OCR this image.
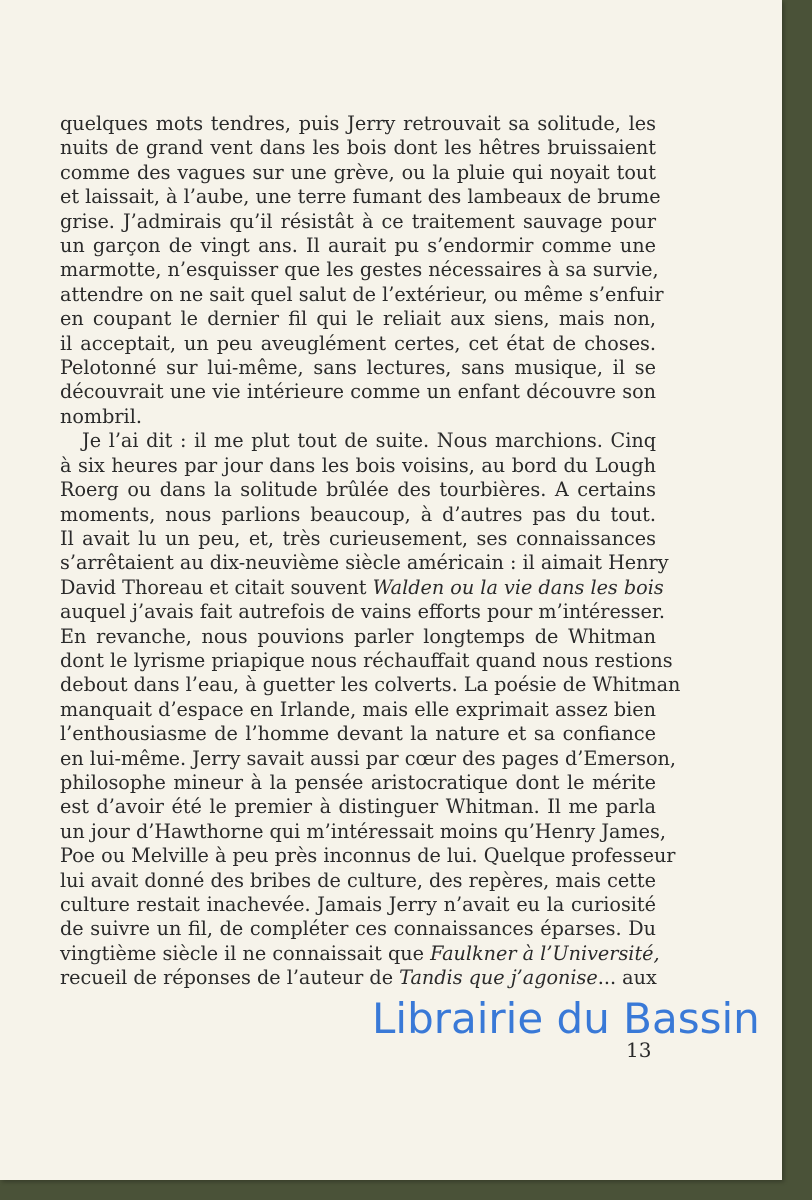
quelques mots tendres, puis Jerry retrouvait sa solitude, les
nuits de grand vent dans les bois dont les hêtres bruissaient
comme des vagues sur une grève, ou la pluie qui noyait tout
et laissait, à l’aube, une terre fumant des lambeaux de brume
grise. J’admirais qu’il résistât à ce traitement sauvage pour
un garçon de vingt ans. Il aurait pu s’endormir comme une
marmotte, n’esquisser que les gestes nécessaires à sa survie,
attendre on ne sait quel salut de l’extérieur, ou même s’enfuir
en coupant le dernier fil qui le reliait aux siens, mais non,
il acceptait, un peu aveuglément certes, cet état de choses.
Pelotonné sur lui-même, sans lectures, sans musique, il se
découvrait une vie intérieure comme un enfant découvre son
nombril.
Je l’ai dit : il me plut tout de suite. Nous marchions. Cinq
à six heures par jour dans les bois voisins, au bord du Lough
Roerg ou dans la solitude brûlée des tourbières. A certains
moments, nous parlions beaucoup, à d’autres pas du tout.
Il avait lu un peu, et, très curieusement, ses connaissances
s’arrêtaient au dix-neuvième siècle américain : il aimait Henry
David Thoreau et citait souvent Walden ou la vie dans les bois
auquel j’avais fait autrefois de vains efforts pour m’intéresser.
En revanche, nous pouvions parler longtemps de Whitman
dont le lyrisme priapique nous réchauffait quand nous restions
debout dans l’eau, à guetter les colverts. La poésie de Whitman
manquait d’espace en Irlande, mais elle exprimait assez bien
l’enthousiasme de l’homme devant la nature et sa confiance
en lui-même. Jerry savait aussi par cœur des pages d’Emerson,
philosophe mineur à la pensée aristocratique dont le mérite
est d’avoir été le premier à distinguer Whitman. Il me parla
un jour d’Hawthorne qui m’intéressait moins qu’Henry James,
Poe ou Melville à peu près inconnus de lui. Quelque professeur
lui avait donné des bribes de culture, des repères, mais cette
culture restait inachevée. Jamais Jerry n’avait eu la curiosité
de suivre un fil, de compléter ces connaissances éparses. Du
vingtième siècle il ne connaissait que Faulkner à l’Université,
recueil de réponses de l’auteur de Tandis que j’agonise... aux
13
Librairie du Bassin
